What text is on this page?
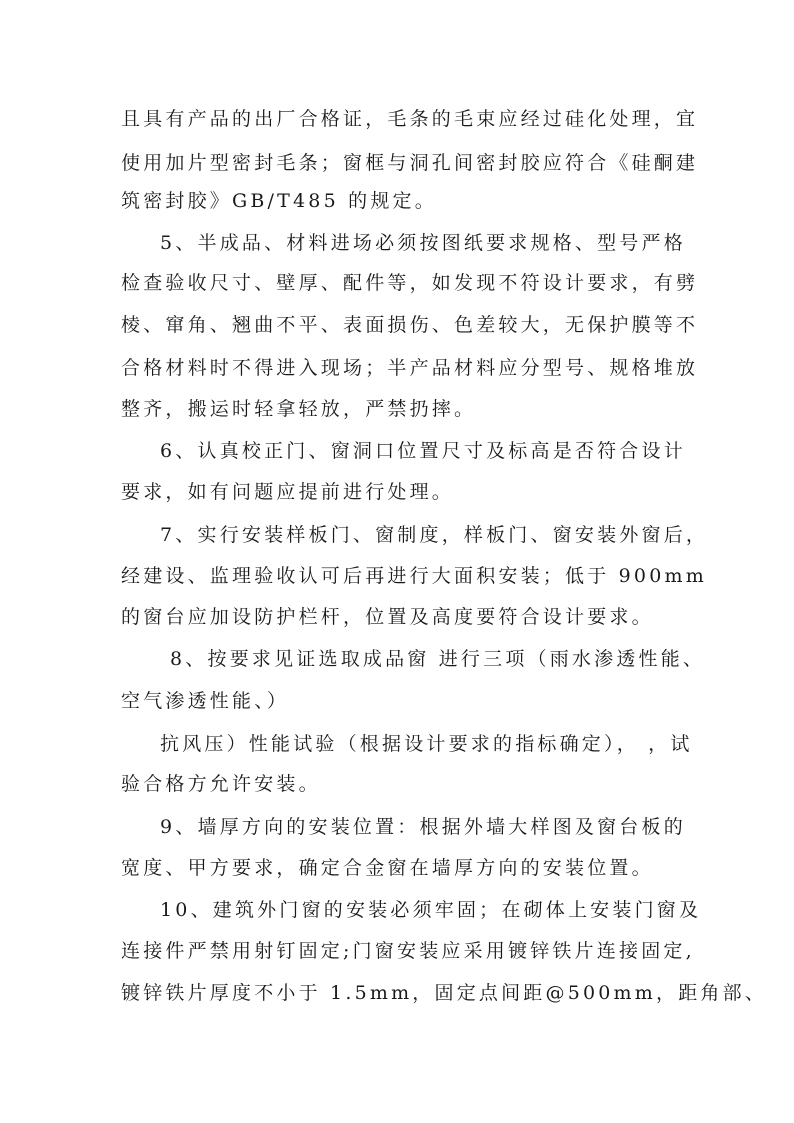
且具有产品的出厂合格证，毛条的毛束应经过硅化处理，宜
使用加片型密封毛条；窗框与洞孔间密封胶应符合《硅酮建
筑密封胶》GB/T485 的规定。
5、半成品、材料进场必须按图纸要求规格、型号严格
检查验收尺寸、壁厚、配件等，如发现不符设计要求，有劈
棱、窜角、翘曲不平、表面损伤、色差较大，无保护膜等不
合格材料时不得进入现场；半产品材料应分型号、规格堆放
整齐，搬运时轻拿轻放，严禁扔摔。
6、认真校正门、窗洞口位置尺寸及标高是否符合设计
要求，如有问题应提前进行处理。
7、实行安装样板门、窗制度，样板门、窗安装外窗后，
经建设、监理验收认可后再进行大面积安装；低于 900mm
的窗台应加设防护栏杆，位置及高度要符合设计要求。
8、按要求见证选取成品窗 进行三项（雨水渗透性能、
空气渗透性能、）
抗风压）性能试验（根据设计要求的指标确定）， ，试
验合格方允许安装。
9、墙厚方向的安装位置：根据外墙大样图及窗台板的
宽度、甲方要求，确定合金窗在墙厚方向的安装位置。
10、建筑外门窗的安装必须牢固；在砌体上安装门窗及
连接件严禁用射钉固定;门窗安装应采用镀锌铁片连接固定,
镀锌铁片厚度不小于 1.5mm，固定点间距@500mm，距角部、
